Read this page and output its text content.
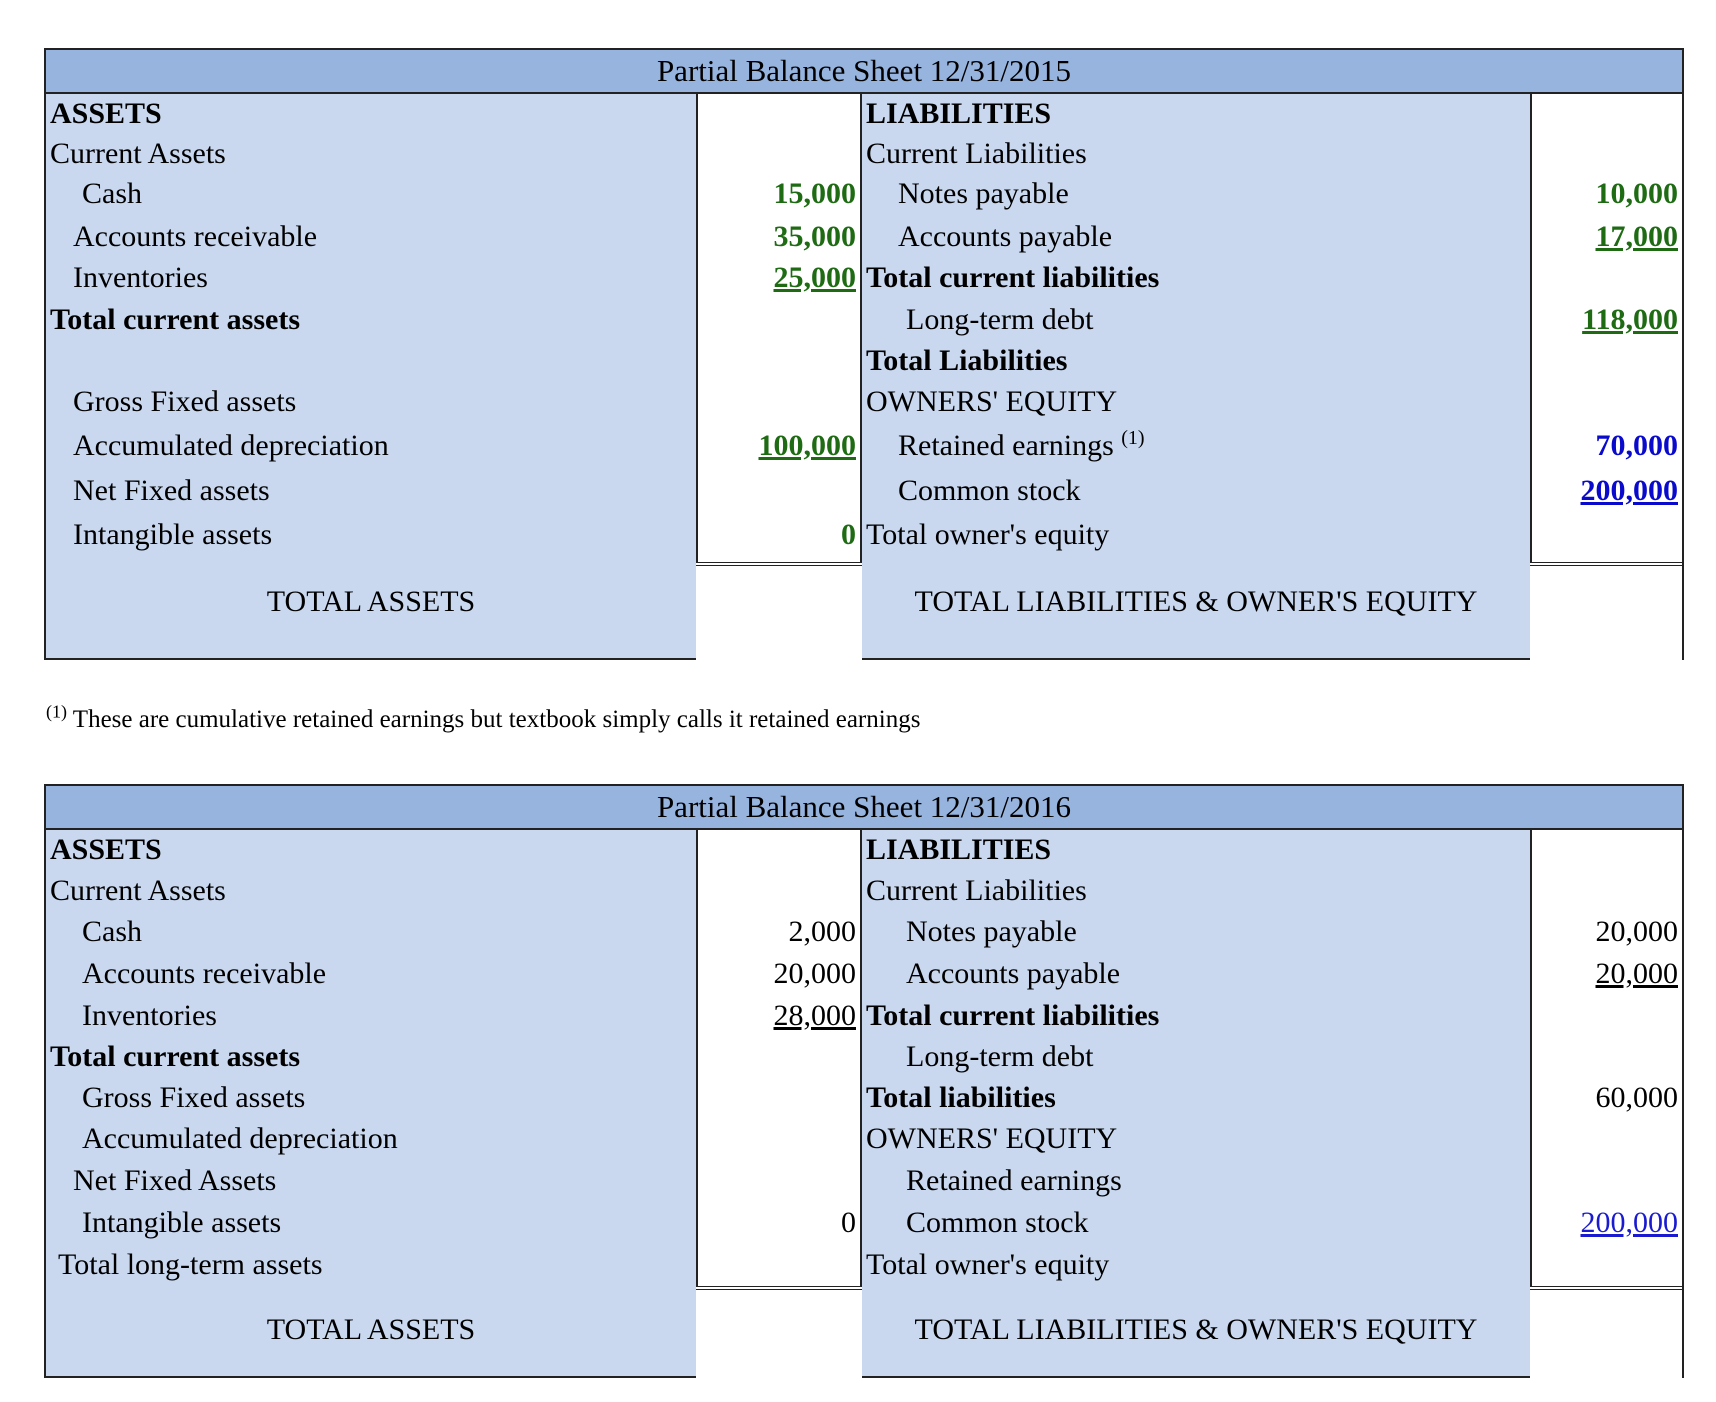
Partial Balance Sheet 12/31/2015
ASSETS
Current Assets
Cash
Accounts receivable
Inventories
Total current assets
Gross Fixed assets
Accumulated depreciation
Net Fixed assets
Intangible assets
TOTAL ASSETS
15,000
35,000
25,000
100,000
0
LIABILITIES
Current Liabilities
Notes payable
Accounts payable
Total current liabilities
Long-term debt
Total Liabilities
OWNERS' EQUITY
Retained earnings $^{(1)}$
Common stock
Total owner's equity
TOTAL LIABILITIES & OWNER'S EQUITY
10,000
17,000
118,000
70,000
200,000
$^{(1)}$ These are cumulative retained earnings but textbook simply calls it retained earnings
Partial Balance Sheet 12/31/2016
ASSETS
Current Assets
Cash
Accounts receivable
Inventories
Total current assets
Gross Fixed assets
Accumulated depreciation
Net Fixed Assets
Intangible assets
Total long-term assets
TOTAL ASSETS
2,000
20,000
28,000
0
LIABILITIES
Current Liabilities
Notes payable
Accounts payable
Total current liabilities
Long-term debt
Total liabilities
OWNERS' EQUITY
Retained earnings
Common stock
Total owner's equity
TOTAL LIABILITIES & OWNER'S EQUITY
20,000
20,000
60,000
200,000
